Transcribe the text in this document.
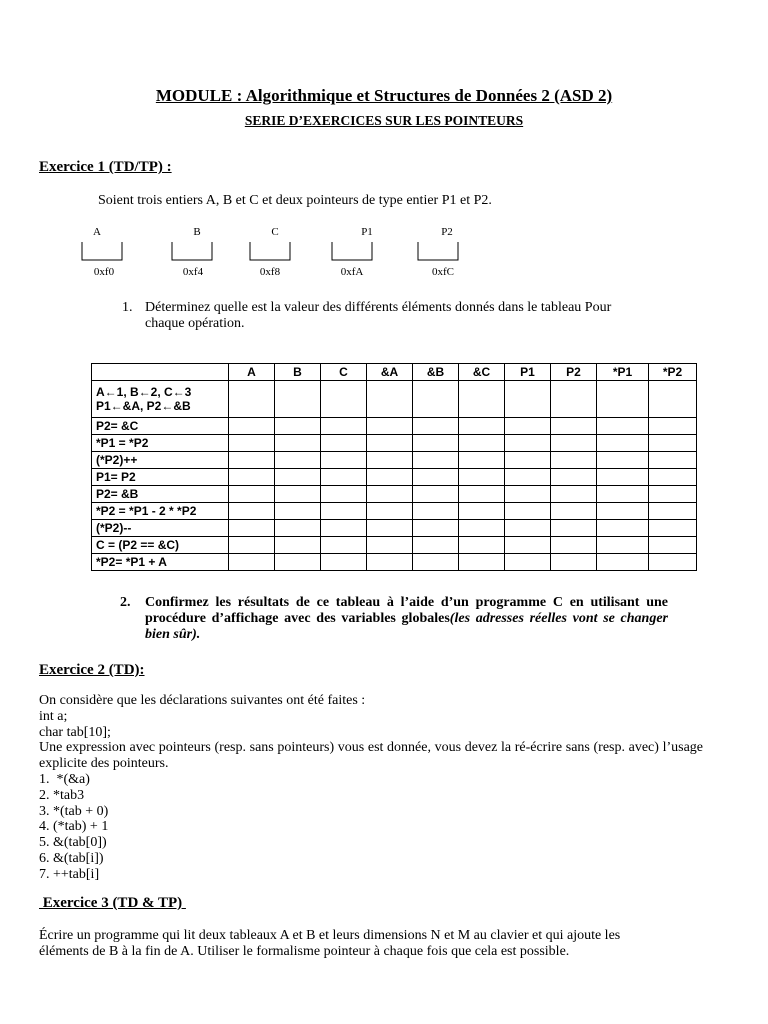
MODULE : Algorithmique et Structures de Données 2 (ASD 2)
SERIE D’EXERCICES SUR LES POINTEURS
Exercice 1 (TD/TP) :
Soient trois entiers A, B et C et deux pointeurs de type entier P1 et P2.
A
0xf0
B
0xf4
C
0xf8
P1
0xfA
P2
0xfC
1. Déterminez quelle est la valeur des différents éléments donnés dans le tableau Pour
chaque opération.
	A	B	C	&A	&B	&C	P1	P2	*P1	*P2
A←1, B←2, C←3
P1←&A, P2←&B										
P2= &C										
*P1 = *P2										
(*P2)++										
P1= P2										
P2= &B										
*P2 = *P1 - 2 * *P2										
(*P2)--										
C = (P2 == &C)										
*P2= *P1 + A										
2.	Confirmez les résultats de ce tableau à l’aide d’un programme C en utilisant une procédure d’affichage avec des variables globales(les adresses réelles vont se changer bien sûr).
Exercice 2 (TD):
On considère que les déclarations suivantes ont été faites :
int a;
char tab[10];
Une expression avec pointeurs (resp. sans pointeurs) vous est donnée, vous devez la ré-écrire sans (resp. avec) l’usage explicite des pointeurs.
1.  *(&a)
2. *tab3
3. *(tab + 0)
4. (*tab) + 1
5. &(tab[0])
6. &(tab[i])
7. ++tab[i]
Exercice 3 (TD & TP)
Écrire un programme qui lit deux tableaux A et B et leurs dimensions N et M au clavier et qui ajoute les éléments de B à la fin de A. Utiliser le formalisme pointeur à chaque fois que cela est possible.
